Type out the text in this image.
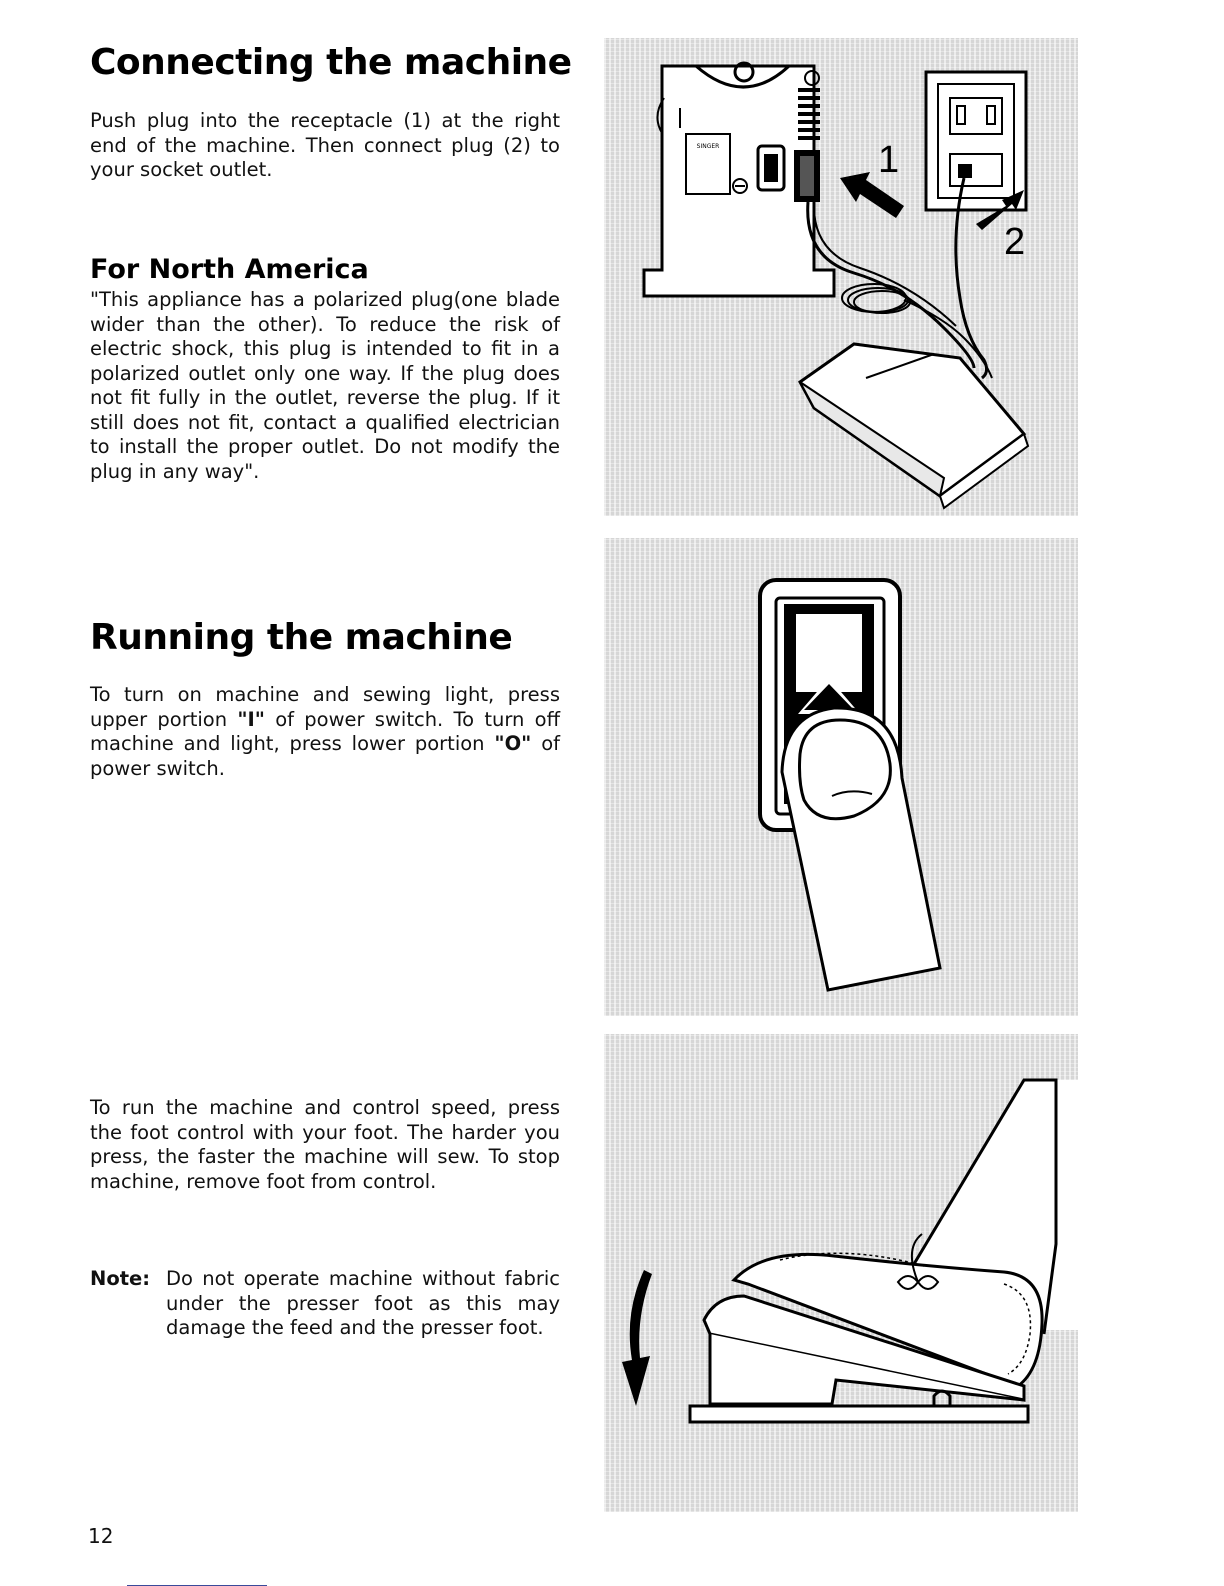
Connecting the machine

Push plug into the receptacle (1) at the right end of the machine. Then connect plug (2) to your socket outlet.

For North America

"This appliance has a polarized plug(one blade wider than the other). To reduce the risk of electric shock, this plug is intended to fit in a polarized outlet only one way. If the plug does not fit fully in the outlet, reverse the plug. If it still does not fit, contact a qualified electrician to install the proper outlet. Do not modify the plug in any way".

Running the machine

To turn on machine and sewing light, press upper portion "I" of power switch. To turn off machine and light, press lower portion "O" of power switch.

To run the machine and control speed, press the foot control with your foot. The harder you press, the faster the machine will sew. To stop machine, remove foot from control.

Note: Do not operate machine without fabric under the presser foot as this may damage the feed and the presser foot.
SINGER	1
2
12
